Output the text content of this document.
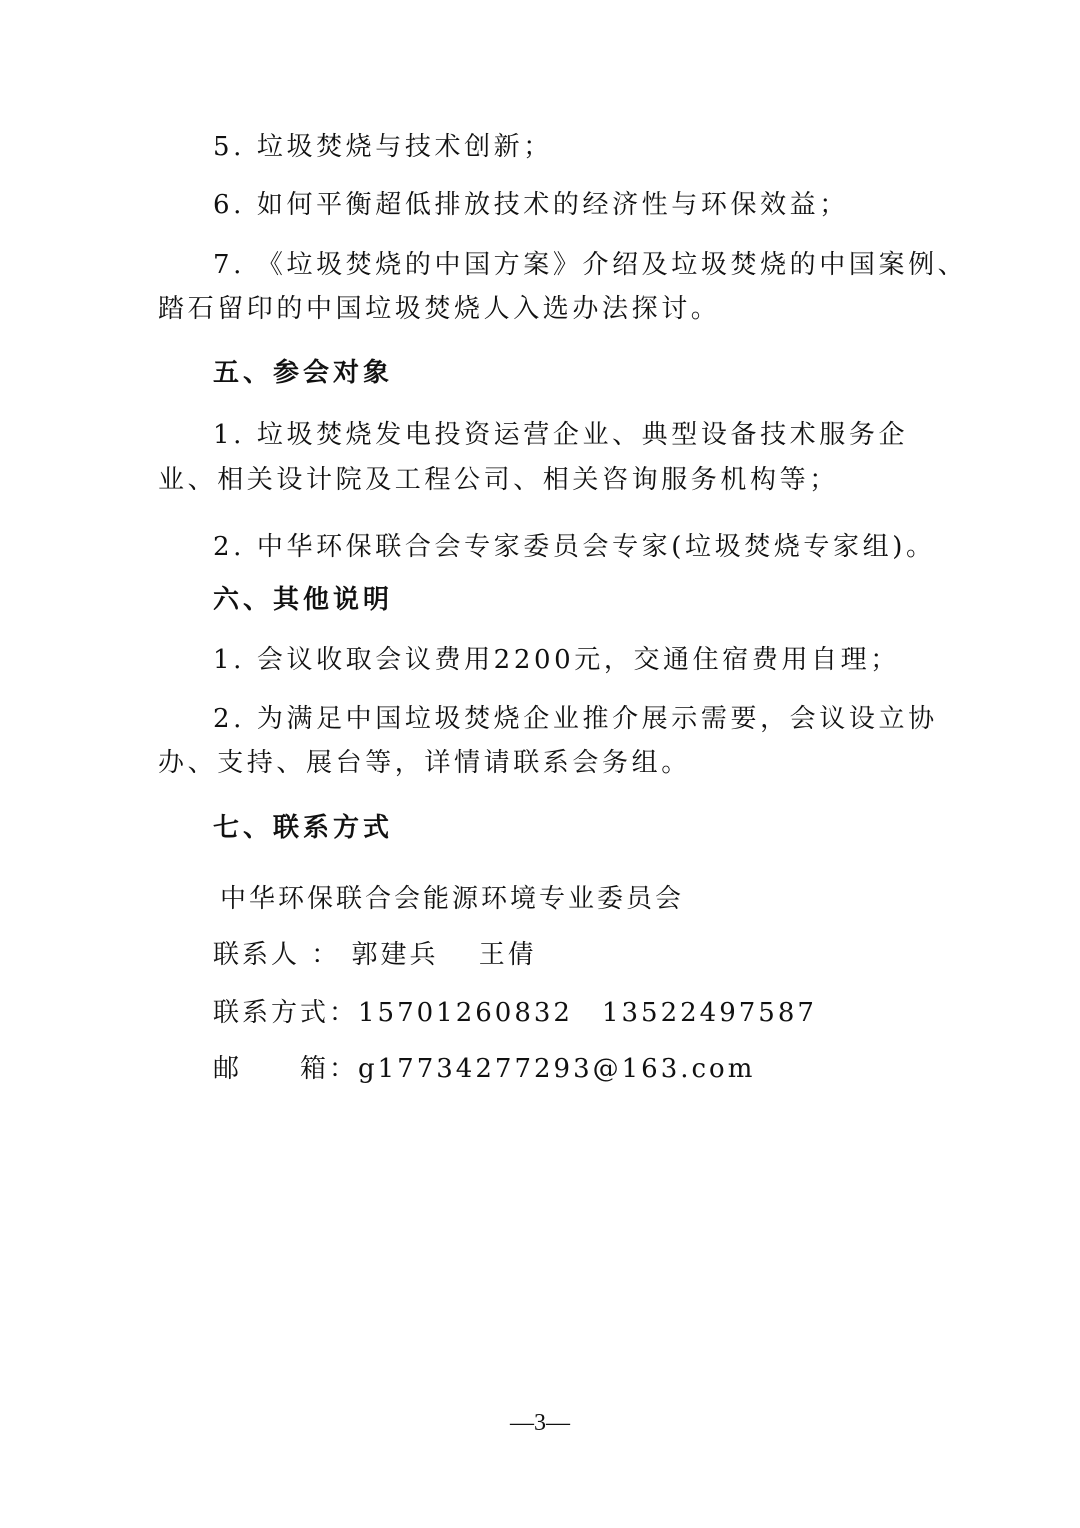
5. 垃圾焚烧与技术创新；
6. 如何平衡超低排放技术的经济性与环保效益；
7. 《垃圾焚烧的中国方案》介绍及垃圾焚烧的中国案例、
踏石留印的中国垃圾焚烧人入选办法探讨。
五、参会对象
1. 垃圾焚烧发电投资运营企业、典型设备技术服务企
业、相关设计院及工程公司、相关咨询服务机构等；
2. 中华环保联合会专家委员会专家(垃圾焚烧专家组)。
六、其他说明
1. 会议收取会议费用2200元，交通住宿费用自理；
2. 为满足中国垃圾焚烧企业推介展示需要，会议设立协
办、支持、展台等，详情请联系会务组。
七、联系方式
中华环保联合会能源环境专业委员会
联系人 ： 郭建兵　 王倩
联系方式：15701260832　13522497587
邮　　箱：g17734277293@163.com
—3—
